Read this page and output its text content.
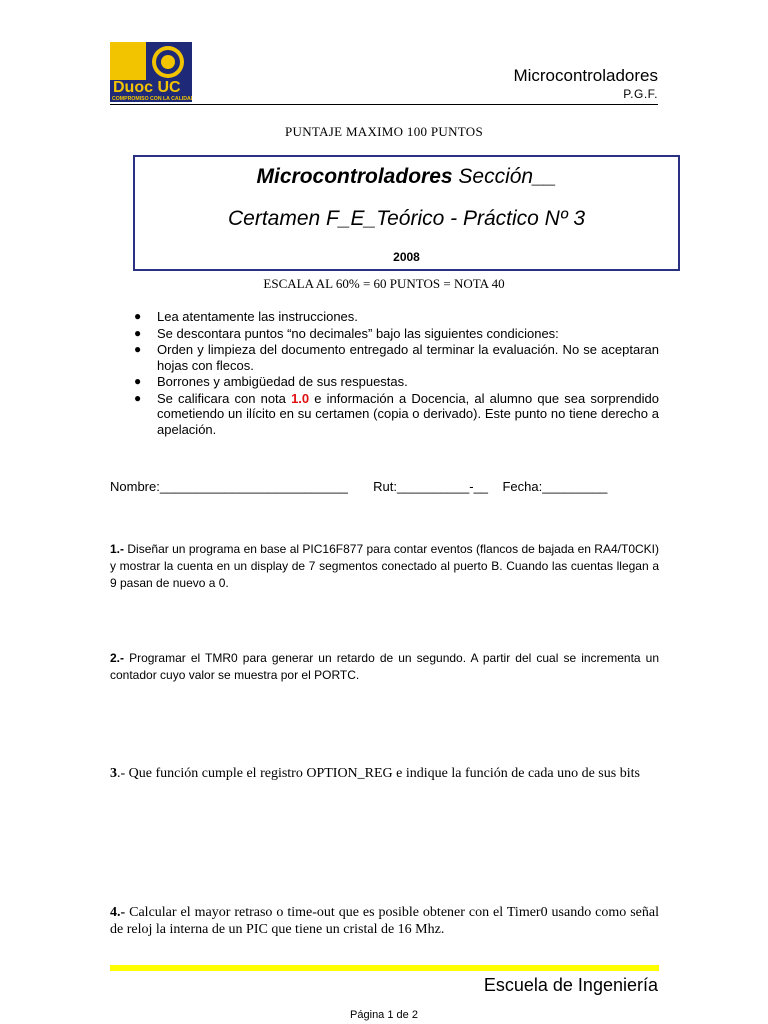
Duoc UC
COMPROMISO CON LA CALIDAD
Microcontroladores
P.G.F.
PUNTAJE MAXIMO 100 PUNTOS
Microcontroladores Sección__
Certamen F_E_Teórico - Práctico Nº 3
2008
ESCALA AL 60% = 60 PUNTOS = NOTA 40
● Lea atentamente las instrucciones.
● Se descontara puntos “no decimales” bajo las siguientes condiciones:
● Orden y limpieza del documento entregado al terminar la evaluación. No se aceptaran hojas con flecos.
● Borrones y ambigüedad de sus respuestas.
● Se calificara con nota 1.0 e información a Docencia, al alumno que sea sorprendido cometiendo un ilícito en su certamen (copia o derivado). Este punto no tiene derecho a apelación.
Nombre:__________________________       Rut:__________-__    Fecha:_________
1.- Diseñar un programa en base al PIC16F877 para contar eventos (flancos de bajada en RA4/T0CKI) y mostrar la cuenta en un display de 7 segmentos conectado al puerto B. Cuando las cuentas llegan a 9 pasan de nuevo a 0.
2.- Programar el TMR0 para generar un retardo de un segundo. A partir del cual se incrementa un contador cuyo valor se muestra por el PORTC.
3.- Que función cumple el registro OPTION_REG e indique la función de cada uno de sus bits
4.- Calcular el mayor retraso o time-out que es posible obtener con el Timer0 usando como señal de reloj la interna de un PIC que tiene un cristal de 16 Mhz.
Escuela de Ingeniería
Página 1 de 2
